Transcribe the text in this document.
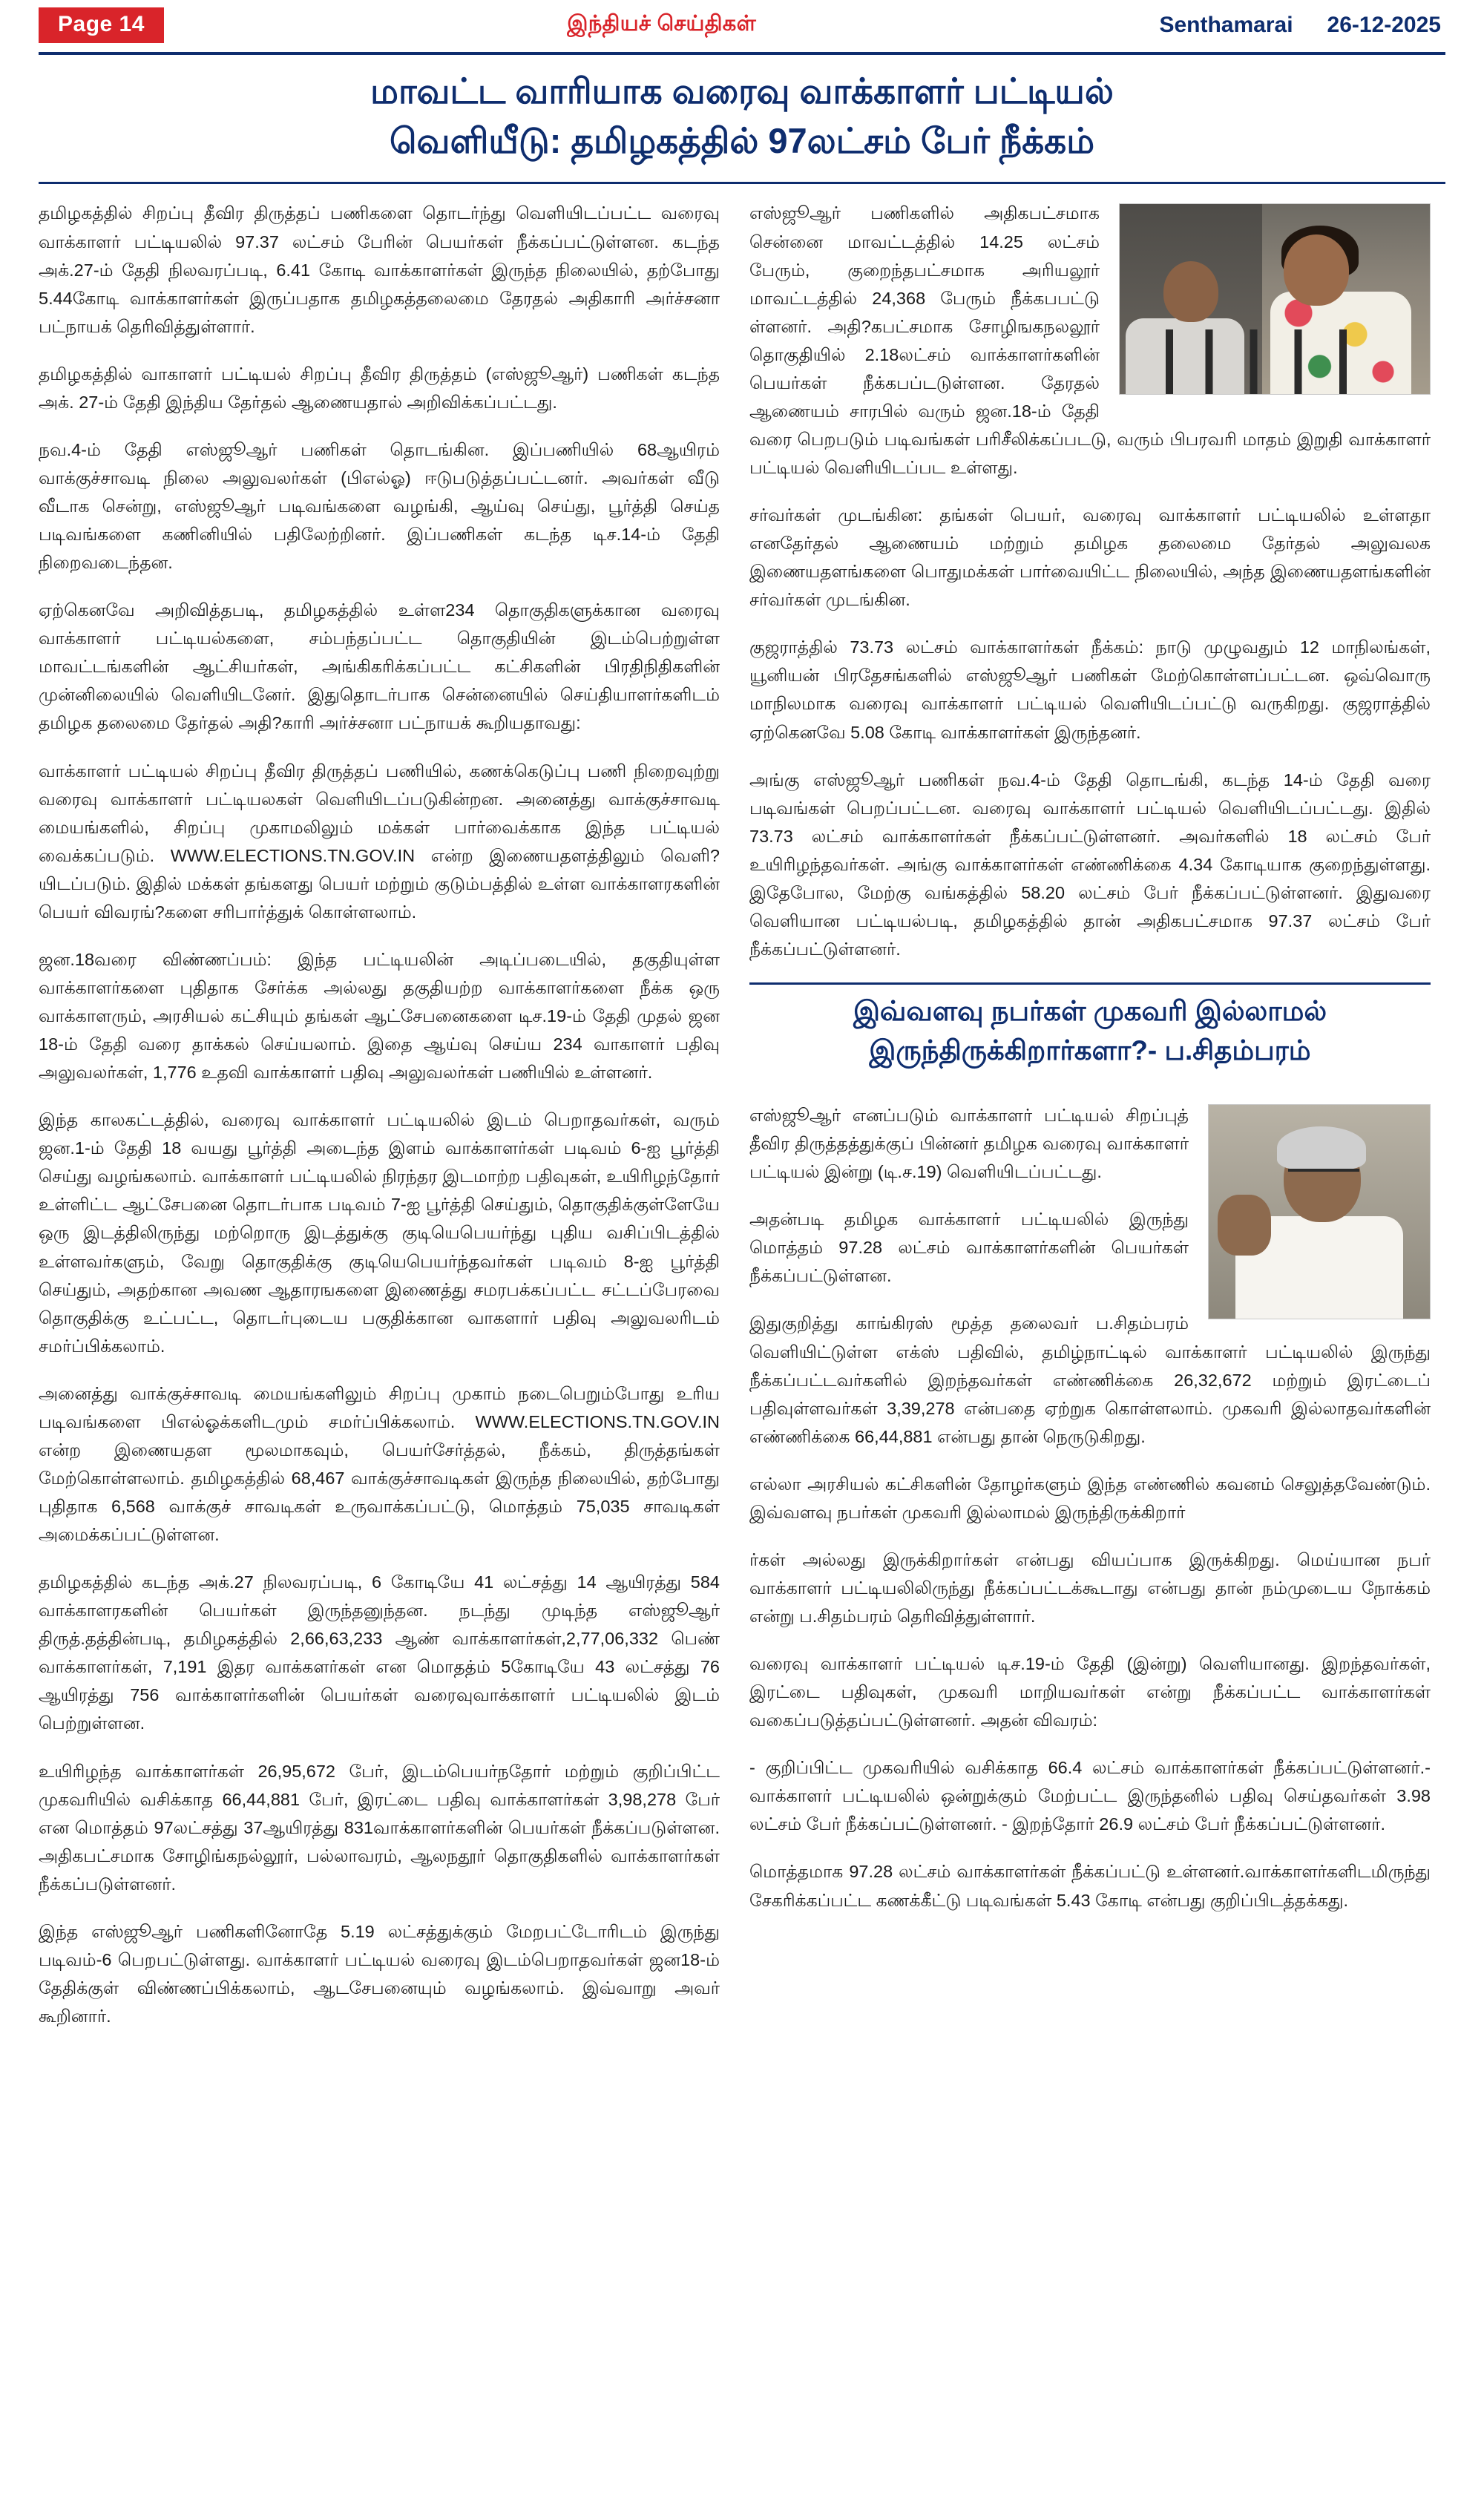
Page 14	இந்தியச் செய்திகள்	Senthamarai 26-12-2025
மாவட்ட வாரியாக வரைவு வாக்காளர் பட்டியல்
வெளியீடு: தமிழகத்தில் 97லட்சம் பேர் நீக்கம்

தமிழகத்தில் சிறப்பு தீவிர திருத்தப் பணிகளை தொடர்ந்து வெளியிடப்பட்ட வரைவு வாக்காளர் பட்டியலில் 97.37 லட்சம் பேரின் பெயர்கள் நீக்கப்பட்டுள்ளன. கடந்த அக்.27-ம் தேதி நிலவரப்படி, 6.41 கோடி வாக்காளர்கள் இருந்த நிலையில், தற்போது 5.44கோடி வாக்காளர்கள் இருப்பதாக தமிழகத்தலைமை தேரதல் அதிகாரி அர்ச்சனா பட்நாயக் தெரிவித்துள்ளார்.

தமிழகத்தில் வாகாளர் பட்டியல் சிறப்பு தீவிர திருத்தம் (எஸ்ஜூஆர்) பணிகள் கடந்த அக். 27-ம் தேதி இந்திய தேர்தல் ஆணையதால் அறிவிக்கப்பட்டது.

நவ.4-ம் தேதி எஸ்ஜூஆர் பணிகள் தொடங்கின. இப்பணியில் 68ஆயிரம் வாக்குச்சாவடி நிலை அலுவலர்கள் (பிஎல்ஓ) ஈடுபடுத்தப்பட்டனர். அவர்கள் வீடு வீடாக சென்று, எஸ்ஜூஆர் படிவங்களை வழங்கி, ஆய்வு செய்து, பூர்த்தி செய்த படிவங்களை கணினியில் பதிலேற்றினர். இப்பணிகள் கடந்த டிச.14-ம் தேதி நிறைவடைந்தன.

ஏற்கெனவே அறிவித்தபடி, தமிழகத்தில் உள்ள234 தொகுதிகளுக்கான வரைவு வாக்காளர் பட்டியல்களை, சம்பந்தப்பட்ட தொகுதியின் இடம்பெற்றுள்ள மாவட்டங்களின் ஆட்சியர்கள், அங்கிகரிக்கப்பட்ட கட்சிகளின் பிரதிநிதிகளின் முன்னிலையில் வெளியிடனேர். இதுதொடர்பாக சென்னையில் செய்தியாளர்களிடம் தமிழக தலைமை தேர்தல் அதி?காரி அர்ச்சனா பட்நாயக் கூறியதாவது:

வாக்காளர் பட்டியல் சிறப்பு தீவிர திருத்தப் பணியில், கணக்கெடுப்பு பணி நிறைவுற்று வரைவு வாக்காளர் பட்டியலகள் வெளியிடப்படுகின்றன. அனைத்து வாக்குச்சாவடி மையங்களில், சிறப்பு முகாமலிலும் மக்கள் பார்வைக்காக இந்த பட்டியல் வைக்கப்படும். WWW.ELECTIONS.TN.GOV.IN என்ற இணையதளத்திலும் வெளி?யிடப்படும். இதில் மக்கள் தங்களது பெயர் மற்றும் குடும்பத்தில் உள்ள வாக்காளரகளின் பெயர் விவரங்?களை சரிபார்த்துக் கொள்ளலாம்.

ஜன.18வரை விண்ணப்பம்: இந்த பட்டியலின் அடிப்படையில், தகுதியுள்ள வாக்காளர்களை புதிதாக சேர்க்க அல்லது தகுதியற்ற வாக்காளர்களை நீக்க ஒரு வாக்காளரும், அரசியல் கட்சியும் தங்கள் ஆட்சேபனைகளை டிச.19-ம் தேதி முதல் ஜன 18-ம் தேதி வரை தாக்கல் செய்யலாம். இதை ஆய்வு செய்ய 234 வாகாளர் பதிவு அலுவலர்கள், 1,776 உதவி வாக்காளர் பதிவு அலுவலர்கள் பணியில் உள்ளனர்.

இந்த காலகட்டத்தில், வரைவு வாக்காளர் பட்டியலில் இடம் பெறாதவர்கள், வரும் ஜன.1-ம் தேதி 18 வயது பூர்த்தி அடைந்த இளம் வாக்காளர்கள் படிவம் 6-ஐ பூர்த்தி செய்து வழங்கலாம். வாக்காளர் பட்டியலில் நிரந்தர இடமாற்ற பதிவுகள், உயிரிழந்தோர் உள்ளிட்ட ஆட்சேபனை தொடர்பாக படிவம் 7-ஐ பூர்த்தி செய்தும், தொகுதிக்குள்ளேயே ஒரு இடத்திலிருந்து மற்றொரு இடத்துக்கு குடியெபெயர்ந்து புதிய வசிப்பிடத்தில் உள்ளவர்களும், வேறு தொகுதிக்கு குடியெபெயர்ந்தவர்கள் படிவம் 8-ஐ பூர்த்தி செய்தும், அதற்கான அவண ஆதாரஙகளை இணைத்து சமரபக்கப்பட்ட சட்டப்பேரவை தொகுதிக்கு உட்பட்ட, தொடர்புடைய பகுதிக்கான வாகளார் பதிவு அலுவலரிடம் சமர்ப்பிக்கலாம்.

அனைத்து வாக்குச்சாவடி மையங்களிலும் சிறப்பு முகாம் நடைபெறும்போது உரிய படிவங்களை பிஎல்ஓக்களிடமும் சமர்ப்பிக்கலாம். WWW.ELECTIONS.TN.GOV.IN என்ற இணையதள மூலமாகவும், பெயர்சேர்த்தல், நீக்கம், திருத்தங்கள் மேற்கொள்ளலாம். தமிழகத்தில் 68,467 வாக்குச்சாவடிகள் இருந்த நிலையில், தற்போது புதிதாக 6,568 வாக்குச் சாவடிகள் உருவாக்கப்பட்டு, மொத்தம் 75,035 சாவடிகள் அமைக்கப்பட்டுள்ளன.

தமிழகத்தில் கடந்த அக்.27 நிலவரப்படி, 6 கோடியே 41 லட்சத்து 14 ஆயிரத்து 584 வாக்காளரகளின் பெயர்கள் இருந்தனுந்தன. நடந்து முடிந்த எஸ்ஜூஆர் திருத்.தத்தின்படி, தமிழகத்தில் 2,66,63,233 ஆண் வாக்காளர்கள்,2,77,06,332 பெண் வாக்காளர்கள், 7,191 இதர வாக்களர்கள் என மொதத்ம் 5கோடியே 43 லட்சத்து 76 ஆயிரத்து 756 வாக்காளர்களின் பெயர்கள் வரைவுவாக்காளர் பட்டியலில் இடம் பெற்றுள்ளன.

உயிரிழந்த வாக்காளர்கள் 26,95,672 பேர், இடம்பெயர்நதோர் மற்றும் குறிப்பிட்ட முகவரியில் வசிக்காத 66,44,881 பேர், இரட்டை பதிவு வாக்காளர்கள் 3,98,278 பேர் என மொத்தம் 97லட்சத்து 37ஆயிரத்து 831வாக்காளர்களின் பெயர்கள் நீக்கப்படுள்ளன. அதிகபட்சமாக சோழிங்கநல்லூர், பல்லாவரம், ஆலநதூர் தொகுதிகளில் வாக்காளர்கள் நீக்கப்படுள்ளனர்.

இந்த எஸ்ஜூஆர் பணிகளினோதே 5.19 லட்சத்துக்கும் மேறபட்டோரிடம் இருந்து படிவம்-6 பெறபட்டுள்ளது. வாக்காளர் பட்டியல் வரைவு இடம்பெறாதவர்கள் ஜன18-ம் தேதிக்குள் விண்ணப்பிக்கலாம், ஆடசேபனையும் வழங்கலாம். இவ்வாறு அவர் கூறினார்.

எஸ்ஜூஆர் பணிகளில் அதிகபட்சமாக சென்னை மாவட்டத்தில் 14.25 லட்சம் பேரும், குறைந்தபட்சமாக அரியலூர் மாவட்டத்தில் 24,368 பேரும் நீக்கபபட்டு ள்ளனர். அதி?கபட்சமாக சோழிஙகநலலூர் தொகுதியில் 2.18லட்சம் வாக்காளர்களின் பெயர்கள் நீக்கபப்டடுள்ளன. தேரதல் ஆணையம் சாரபில் வரும் ஜன.18-ம் தேதி வரை பெறபடும் படிவங்கள் பரிசீலிக்கப்படடு, வரும் பிபரவரி மாதம் இறுதி வாக்காளர் பட்டியல் வெளியிடப்பட உள்ளது.

சர்வர்கள் முடங்கின: தங்கள் பெயர், வரைவு வாக்காளர் பட்டியலில் உள்ளதா எனதேர்தல் ஆணையம் மற்றும் தமிழக தலைமை தேர்தல் அலுவலக இணையதளங்களை பொதுமக்கள் பார்வையிட்ட நிலையில், அந்த இணையதளங்களின் சர்வர்கள் முடங்கின.

குஜராத்தில் 73.73 லட்சம் வாக்காளர்கள் நீக்கம்: நாடு முழுவதும் 12 மாநிலங்கள், யூனியன் பிரதேசங்களில் எஸ்ஜூஆர் பணிகள் மேற்கொள்ளப்பட்டன. ஒவ்வொரு மாநிலமாக வரைவு வாக்காளர் பட்டியல் வெளியிடப்பட்டு வருகிறது. குஜராத்தில் ஏற்கெனவே 5.08 கோடி வாக்காளர்கள் இருந்தனர்.

அங்கு எஸ்ஜூஆர் பணிகள் நவ.4-ம் தேதி தொடங்கி, கடந்த 14-ம் தேதி வரை படிவங்கள் பெறப்பட்டன. வரைவு வாக்காளர் பட்டியல் வெளியிடப்பட்டது. இதில் 73.73 லட்சம் வாக்காளர்கள் நீக்கப்பட்டுள்ளனர். அவர்களில் 18 லட்சம் பேர் உயிரிழந்தவர்கள். அங்கு வாக்காளர்கள் எண்ணிக்கை 4.34 கோடியாக குறைந்துள்ளது. இதேபோல, மேற்கு வங்கத்தில் 58.20 லட்சம் பேர் நீக்கப்பட்டுள்ளனர். இதுவரை வெளியான பட்டியல்படி, தமிழகத்தில் தான் அதிகபட்சமாக 97.37 லட்சம் பேர் நீக்கப்பட்டுள்ளனர்.

இவ்வளவு நபர்கள் முகவரி இல்லாமல்
இருந்திருக்கிறார்களா?- ப.சிதம்பரம்

எஸ்ஜூஆர் எனப்படும் வாக்காளர் பட்டியல் சிறப்புத் தீவிர திருத்தத்துக்குப் பின்னர் தமிழக வரைவு வாக்காளர் பட்டியல் இன்று (டி.ச.19) வெளியிடப்பட்டது.

அதன்படி தமிழக வாக்காளர் பட்டியலில் இருந்து மொத்தம் 97.28 லட்சம் வாக்காளர்களின் பெயர்கள் நீக்கப்பட்டுள்ளன.

இதுகுறித்து காங்கிரஸ் மூத்த தலைவர் ப.சிதம்பரம் வெளியிட்டுள்ள எக்ஸ் பதிவில், தமிழ்நாட்டில் வாக்காளர் பட்டியலில் இருந்து நீக்கப்பட்டவர்களில் இறந்தவர்கள் எண்ணிக்கை 26,32,672 மற்றும் இரட்டைப் பதிவுள்ளவர்கள் 3,39,278 என்பதை ஏற்றுக கொள்ளலாம். முகவரி இல்லாதவர்களின் எண்ணிக்கை 66,44,881 என்பது தான் நெருடுகிறது.

எல்லா அரசியல் கட்சிகளின் தோழர்களும் இந்த எண்ணில் கவனம் செலுத்தவேண்டும். இவ்வளவு நபர்கள் முகவரி இல்லாமல் இருந்திருக்கிறார்

ர்கள் அல்லது இருக்கிறார்கள் என்பது வியப்பாக இருக்கிறது. மெய்யான நபர் வாக்காளர் பட்டியலிலிருந்து நீக்கப்பட்டக்கூடாது என்பது தான் நம்முடைய நோக்கம் என்று ப.சிதம்பரம் தெரிவித்துள்ளார்.

வரைவு வாக்காளர் பட்டியல் டிச.19-ம் தேதி (இன்று) வெளியானது. இறந்தவர்கள், இரட்டை பதிவுகள், முகவரி மாறியவர்கள் என்று நீக்கப்பட்ட வாக்காளர்கள் வகைப்படுத்தப்பட்டுள்ளனர். அதன் விவரம்:

- குறிப்பிட்ட முகவரியில் வசிக்காத 66.4 லட்சம் வாக்காளர்கள் நீக்கப்பட்டுள்ளனர்.- வாக்காளர் பட்டியலில் ஒன்றுக்கும் மேற்பட்ட இருந்தனில் பதிவு செய்தவர்கள் 3.98 லட்சம் பேர் நீக்கப்பட்டுள்ளனர். - இறந்தோர் 26.9 லட்சம் பேர் நீக்கப்பட்டுள்ளனர்.

மொத்தமாக 97.28 லட்சம் வாக்காளர்கள் நீக்கப்பட்டு உள்ளனர்.வாக்காளர்களிடமிருந்து சேகரிக்கப்பட்ட கணக்கீட்டு படிவங்கள் 5.43 கோடி என்பது குறிப்பிடத்தக்கது.
